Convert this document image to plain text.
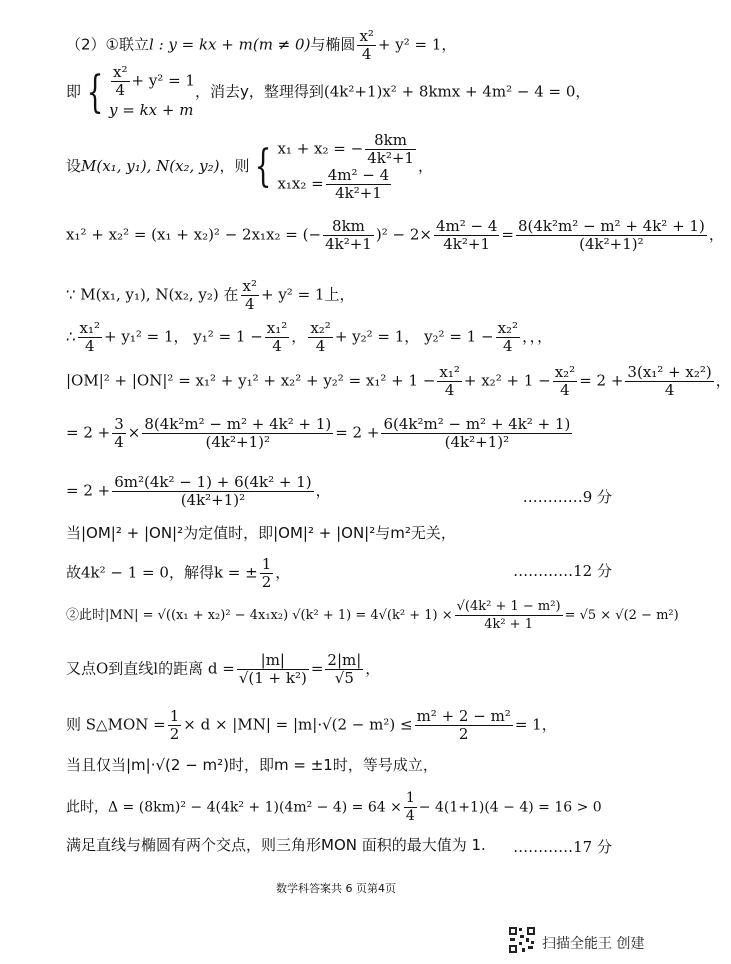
（2）①联立l : y = kx + m(m ≠ 0)与椭圆 $\frac{\text{x²}}{4} + y^2 = 1$，
即 { $\frac{\text{x²}}{4} + y^2 = 1$
y = kx + m
，消去y，整理得到(4k²+1)x² + 8kmx + 4m² − 4 = 0，
设M(x₁, y₁), N(x₂, y₂)，则 { x₁ + x₂ = − $\frac{8km}{\text{4k²+1}}$
$x_1x_2 = \frac{\text{4m² − 4}}{\text{4k²+1}}$
，
x₁² + x₂² = (x₁ + x₂)² − 2x₁x₂ = (− $\frac{8km}{\text{4k²+1}} )^2 - 2\times \frac{\text{4m² − 4}}{\text{4k²+1}} = \frac{\text{8(4k²m² − m² + 4k² + 1)}}{\text{(4k²+1)²}}$ ，
∵ M(x₁, y₁), N(x₂, y₂) 在 $\frac{\text{x²}}{4} + y^2 = 1$上，
∴ $\frac{\text{x₁²}}{4} + y_1^2 = 1$， $y_1^2 = 1 - \frac{\text{x₁²}}{4}$ ， $\frac{\text{x₂²}}{4} + y_2^2 = 1$， $y_2^2 = 1 - \frac{\text{x₂²}}{4}$ ，，，
$|OM|^2 + |ON|^2 = x_1^2 + y_1^2 + x_2^2 + y_2^2 = x_1^2 + 1 - \frac{\text{x₁²}}{4} + x_2^2 + 1 - \frac{\text{x₂²}}{4} = 2 + \frac{\text{3(x₁² + x₂²)}}{4}$ ，
= $2 + \frac{3}{4} \times \frac{\text{8(4k²m² − m² + 4k² + 1)}}{\text{(4k²+1)²}} = 2 + \frac{\text{6(4k²m² − m² + 4k² + 1)}}{\text{(4k²+1)²}}$
= $2 + \frac{\text{6m²(4k² − 1) + 6(4k² + 1)}}{\text{(4k²+1)²}}$ ，	…………9 分
当|OM|² + |ON|²为定值时，即|OM|² + |ON|²与m²无关，
故4k² − 1 = 0，解得k = ± $\frac{1}{2}$ ，	…………12 分
②此时|MN| = √((x₁ + x₂)² − 4x₁x₂) $√(k^2 + 1) = 4√(k^2 + 1) \times \frac{\text{√(4k² + 1 − m²)}}{\text{4k² + 1}} = √5 \times √(2 - m^2)$
又点O到直线l的距离 $d = \frac{|m|}{\text{√(1 + k²)}} = \frac{2|m|}{√5}$ ，
则 S△MON = $\frac{1}{2} \times d \times |MN| = |m|\cdot√(2 - m^2) \le \frac{\text{m² + 2 − m²}}{2} = 1$，
当且仅当|m|·√(2 − m²)时，即m = ±1时，等号成立，
此时，$\Delta = (8km)^2 - 4(4k^2 + 1)(4m^2 - 4) = 64 \times \frac{1}{4} - 4(1+1)(4 - 4) = 16 > 0$
满足直线与椭圆有两个交点，则三角形MON 面积的最大值为 1. …………17 分
数学科答案共 6 页第4页
扫描全能王 创建
